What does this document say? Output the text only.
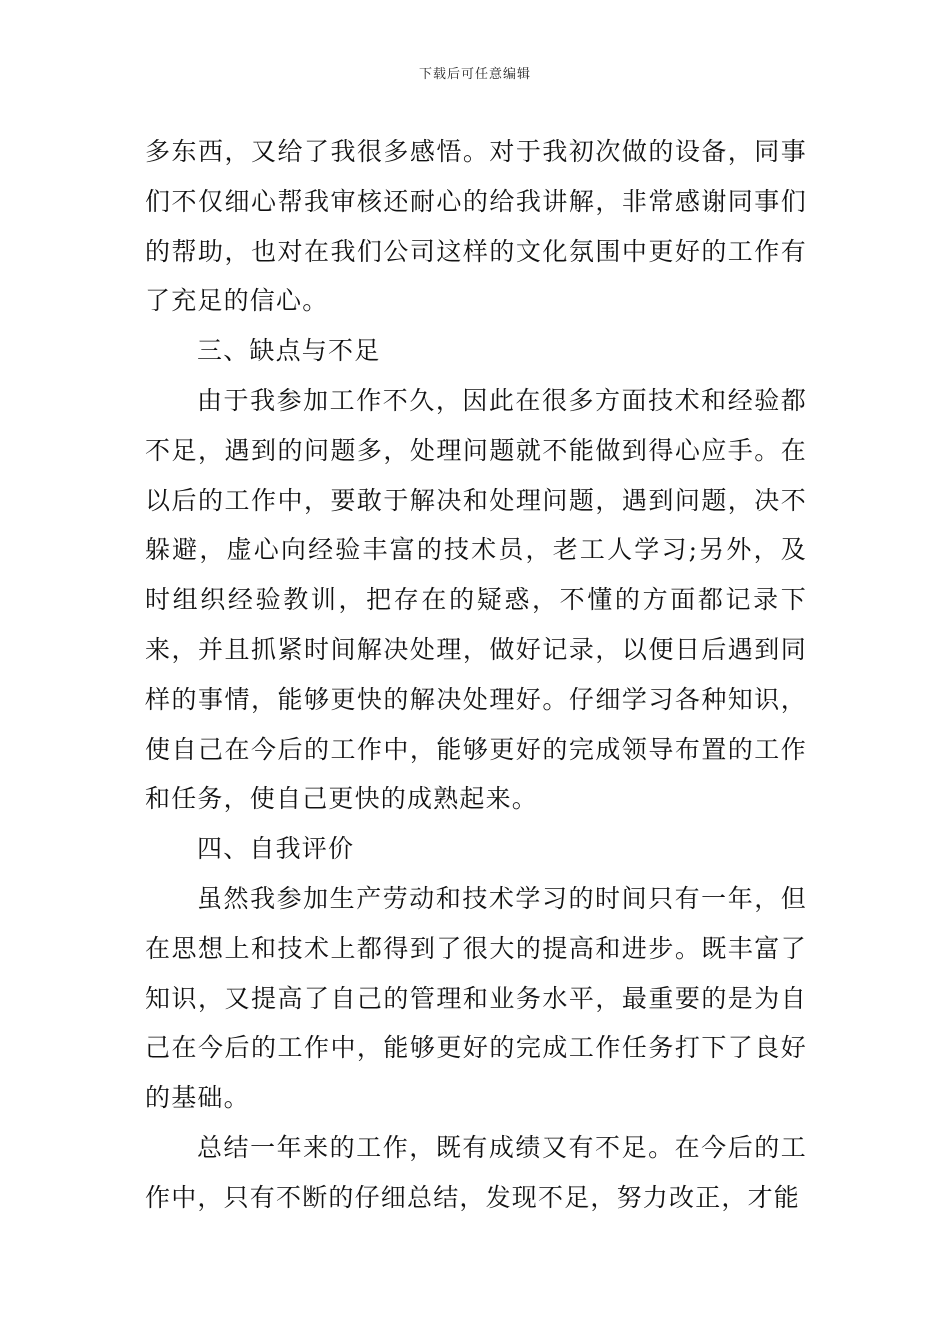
下载后可任意编辑

多东西，又给了我很多感悟。对于我初次做的设备，同事们不仅细心帮我审核还耐心的给我讲解，非常感谢同事们的帮助，也对在我们公司这样的文化氛围中更好的工作有了充足的信心。

三、缺点与不足

由于我参加工作不久，因此在很多方面技术和经验都不足，遇到的问题多，处理问题就不能做到得心应手。在以后的工作中，要敢于解决和处理问题，遇到问题，决不躲避，虚心向经验丰富的技术员，老工人学习;另外，及时组织经验教训，把存在的疑惑，不懂的方面都记录下来，并且抓紧时间解决处理，做好记录，以便日后遇到同样的事情，能够更快的解决处理好。仔细学习各种知识，使自己在今后的工作中，能够更好的完成领导布置的工作和任务，使自己更快的成熟起来。

四、自我评价

虽然我参加生产劳动和技术学习的时间只有一年，但在思想上和技术上都得到了很大的提高和进步。既丰富了知识，又提高了自己的管理和业务水平，最重要的是为自己在今后的工作中，能够更好的完成工作任务打下了良好的基础。

总结一年来的工作，既有成绩又有不足。在今后的工作中，只有不断的仔细总结，发现不足，努力改正，才能
